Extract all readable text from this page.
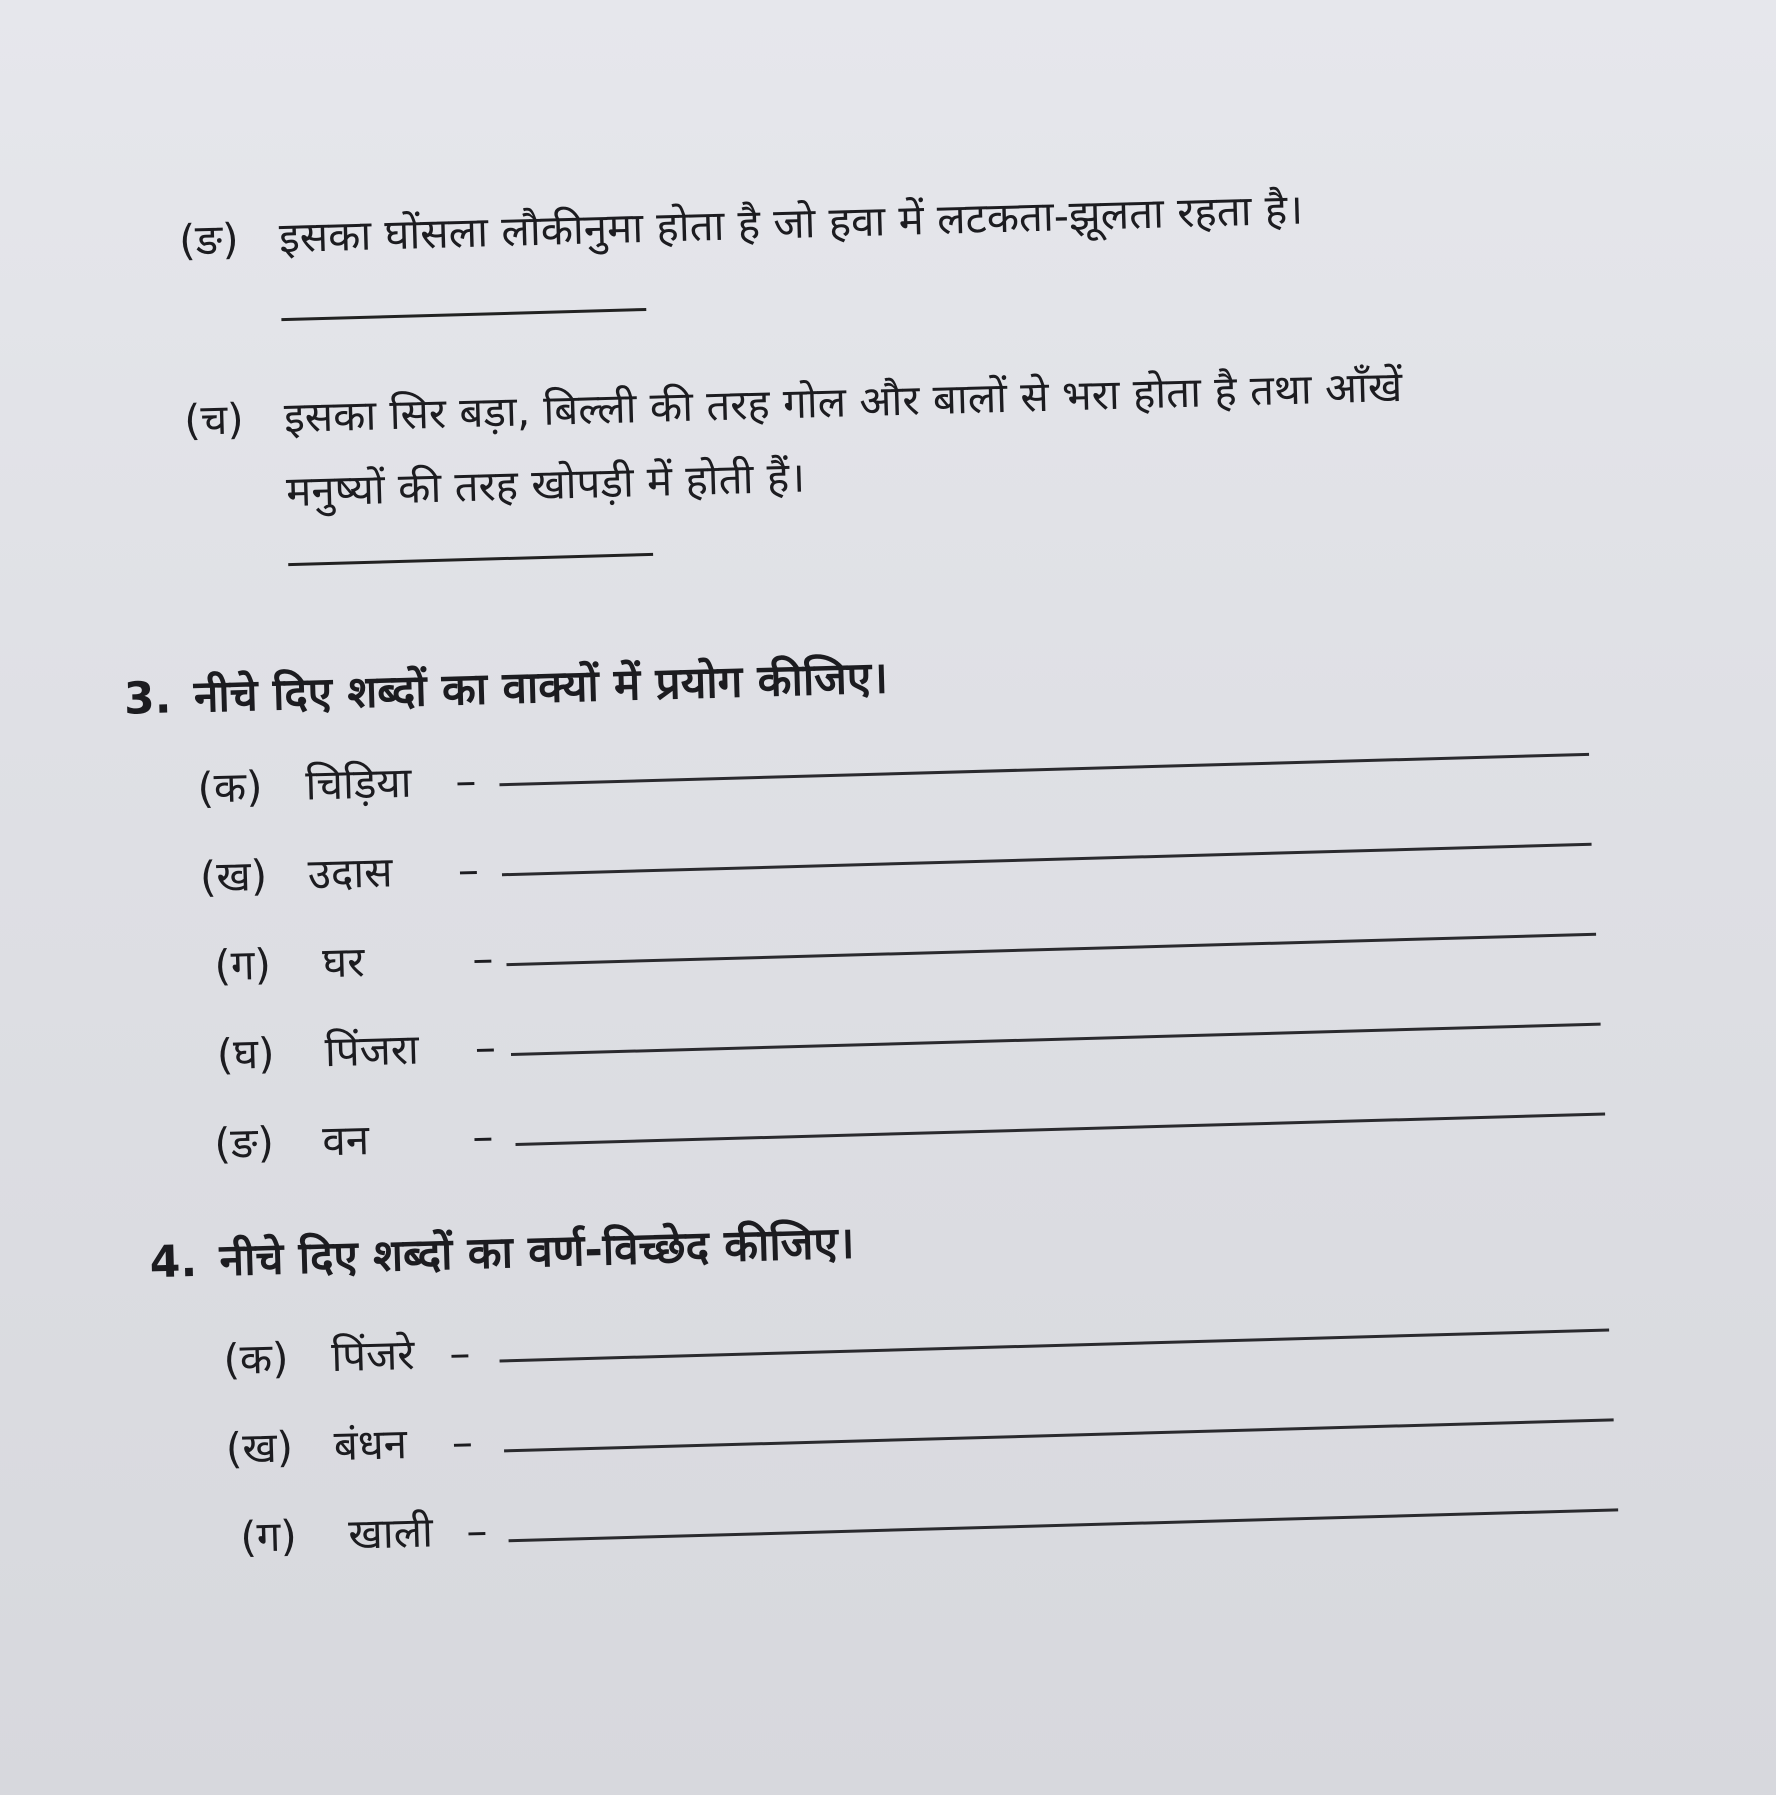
(ङ) इसका घोंसला लौकीनुमा होता है जो हवा में लटकता-झूलता रहता है।
(च) इसका सिर बड़ा, बिल्ली की तरह गोल और बालों से भरा होता है तथा आँखें
मनुष्यों की तरह खोपड़ी में होती हैं।
3. नीचे दिए शब्दों का वाक्यों में प्रयोग कीजिए।
(क) चिड़िया –
(ख) उदास –
(ग) घर	–
(घ) पिंजरा –
(ङ) वन –
4. नीचे दिए शब्दों का वर्ण-विच्छेद कीजिए।
(क) पिंजरे –
(ख) बंधन –
(ग) खाली –
